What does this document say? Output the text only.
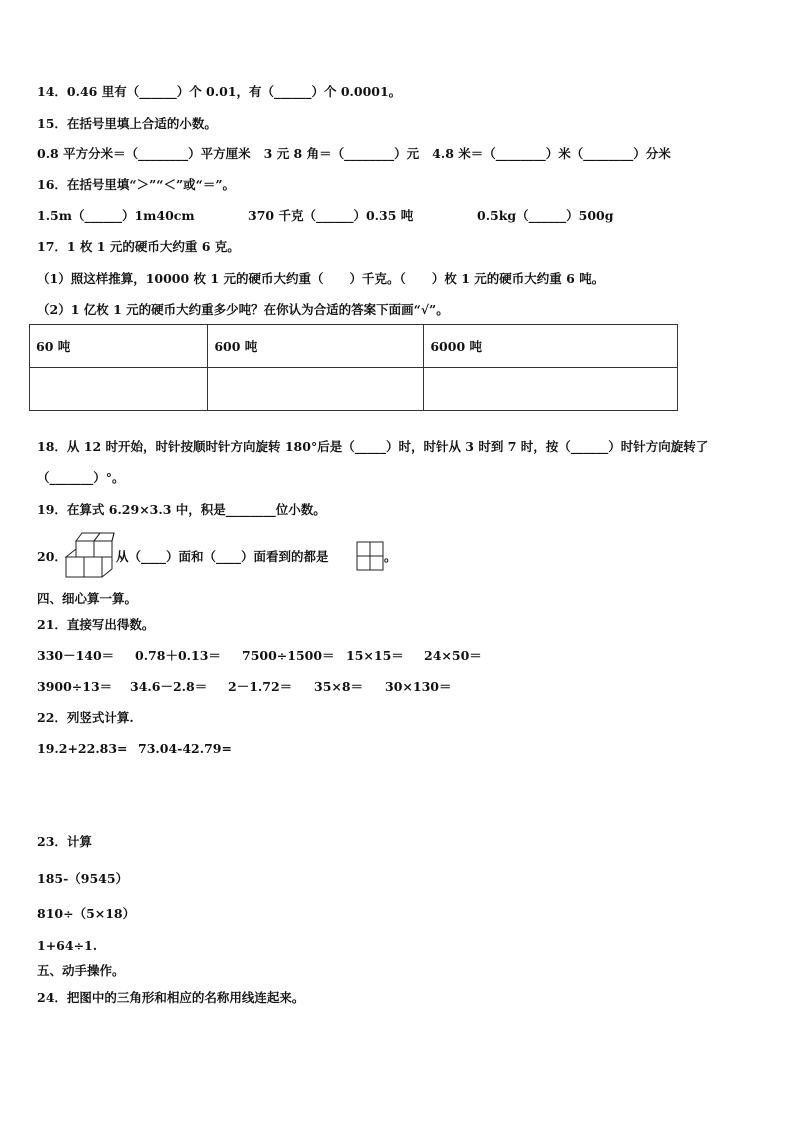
14．0.46 里有（______）个 0.01，有（______）个 0.0001。
15．在括号里填上合适的小数。
0.8 平方分米＝（________）平方厘米   3 元 8 角＝（________）元   4.8 米＝（________）米（________）分米
16．在括号里填“＞”“＜”或“＝”。
1.5m（______）1m40cm	370 千克（______）0.35 吨	0.5kg（______）500g
17．1 枚 1 元的硬币大约重 6 克。
（1）照这样推算，10000 枚 1 元的硬币大约重（      ）千克。（      ）枚 1 元的硬币大约重 6 吨。
（2）1 亿枚 1 元的硬币大约重多少吨？在你认为合适的答案下面画“√”。
60 吨	600 吨	6000 吨

18．从 12 时开始，时针按顺时针方向旋转 180°后是（_____）时，时针从 3 时到 7 时，按（______）时针方向旋转了
（_______）°。
19．在算式 6.29×3.3 中，积是________位小数。
20．	从（____）面和（____）面看到的都是	。
四、细心算一算。
21．直接写出得数。
330－140＝ 0.78＋0.13＝ 7500÷1500＝ 15×15＝ 24×50＝
3900÷13＝ 34.6－2.8＝ 2－1.72＝ 35×8＝ 30×130＝
22．列竖式计算.
19.2+22.83= 73.04-42.79=
23．计算
185-（9545）
810÷（5×18）
1+64÷1.
五、动手操作。
24．把图中的三角形和相应的名称用线连起来。
